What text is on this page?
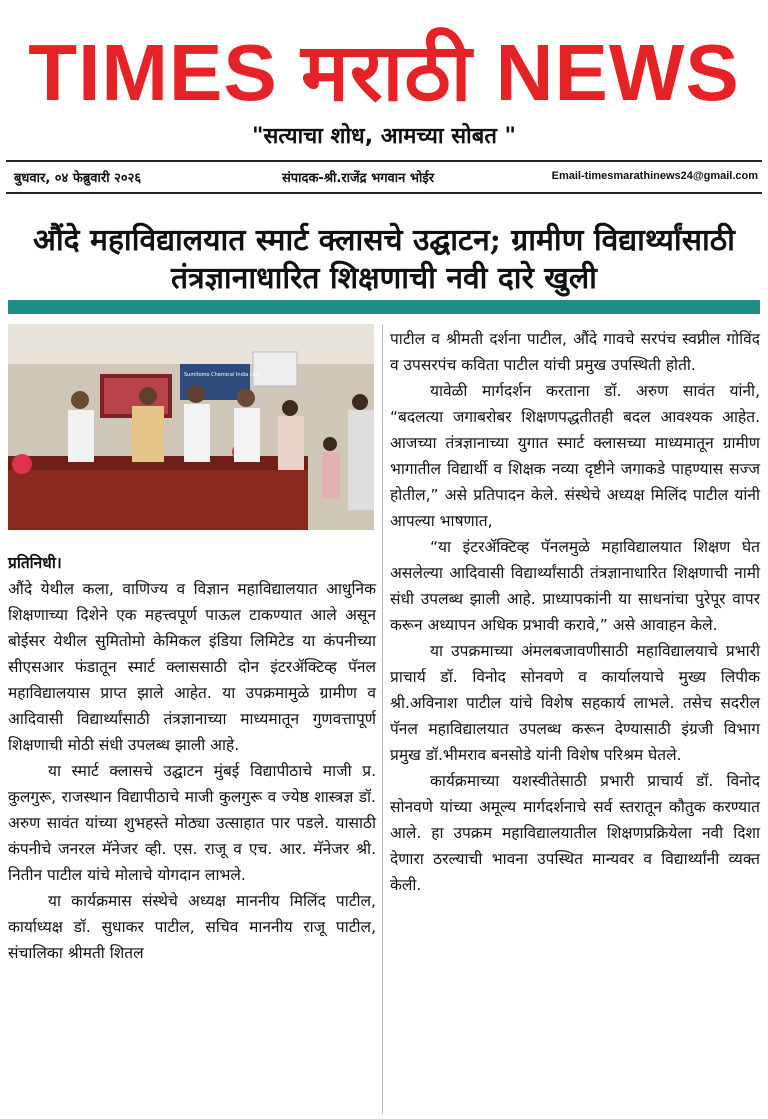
TIMES मराठी NEWS
"सत्याचा शोध, आमच्या सोबत "
बुधवार, ०४ फेब्रुवारी २०२६	संपादक-श्री.राजेंद्र भगवान भोईर	Email-timesmarathinews24@gmail.com
औंदे महाविद्यालयात स्मार्ट क्लासचे उद्घाटन; ग्रामीण विद्यार्थ्यांसाठी तंत्रज्ञानाधारित शिक्षणाची नवी दारे खुली
Sumitomo Chemical India Ltd.

प्रतिनिधी।

औंदे येथील कला, वाणिज्य व विज्ञान महाविद्यालयात आधुनिक शिक्षणाच्या दिशेने एक महत्त्वपूर्ण पाऊल टाकण्यात आले असून बोईसर येथील सुमितोमो केमिकल इंडिया लिमिटेड या कंपनीच्या सीएसआर फंडातून स्मार्ट क्लाससाठी दोन इंटरॲक्टिव्ह पॅनल महाविद्यालयास प्राप्त झाले आहेत. या उपक्रमामुळे ग्रामीण व आदिवासी विद्यार्थ्यांसाठी तंत्रज्ञानाच्या माध्यमातून गुणवत्तापूर्ण शिक्षणाची मोठी संधी उपलब्ध झाली आहे.

या स्मार्ट क्लासचे उद्घाटन मुंबई विद्यापीठाचे माजी प्र. कुलगुरू, राजस्थान विद्यापीठाचे माजी कुलगुरू व ज्येष्ठ शास्त्रज्ञ डॉ. अरुण सावंत यांच्या शुभहस्ते मोठ्या उत्साहात पार पडले. यासाठी कंपनीचे जनरल मॅनेजर व्ही. एस. राजू व एच. आर. मॅनेजर श्री. नितीन पाटील यांचे मोलाचे योगदान लाभले.

या कार्यक्रमास संस्थेचे अध्यक्ष माननीय मिलिंद पाटील, कार्याध्यक्ष डॉ. सुधाकर पाटील, सचिव माननीय राजू पाटील, संचालिका श्रीमती शितल

पाटील व श्रीमती दर्शना पाटील, औंदे गावचे सरपंच स्वप्नील गोविंद व उपसरपंच कविता पाटील यांची प्रमुख उपस्थिती होती.

यावेळी मार्गदर्शन करताना डॉ. अरुण सावंत यांनी, “बदलत्या जगाबरोबर शिक्षणपद्धतीतही बदल आवश्यक आहेत. आजच्या तंत्रज्ञानाच्या युगात स्मार्ट क्लासच्या माध्यमातून ग्रामीण भागातील विद्यार्थी व शिक्षक नव्या दृष्टीने जगाकडे पाहण्यास सज्ज होतील,” असे प्रतिपादन केले. संस्थेचे अध्यक्ष मिलिंद पाटील यांनी आपल्या भाषणात,

“या इंटरॲक्टिव्ह पॅनलमुळे महाविद्यालयात शिक्षण घेत असलेल्या आदिवासी विद्यार्थ्यांसाठी तंत्रज्ञानाधारित शिक्षणाची नामी संधी उपलब्ध झाली आहे. प्राध्यापकांनी या साधनांचा पुरेपूर वापर करून अध्यापन अधिक प्रभावी करावे,” असे आवाहन केले.

या उपक्रमाच्या अंमलबजावणीसाठी महाविद्यालयाचे प्रभारी प्राचार्य डॉ. विनोद सोनवणे व कार्यालयाचे मुख्य लिपीक श्री.अविनाश पाटील यांचे विशेष सहकार्य लाभले. तसेच सदरील पॅनल महाविद्यालयात उपलब्ध करून देण्यासाठी इंग्रजी विभाग प्रमुख डॉ.भीमराव बनसोडे यांनी विशेष परिश्रम घेतले.

कार्यक्रमाच्या यशस्वीतेसाठी प्रभारी प्राचार्य डॉ. विनोद सोनवणे यांच्या अमूल्य मार्गदर्शनाचे सर्व स्तरातून कौतुक करण्यात आले. हा उपक्रम महाविद्यालयातील शिक्षणप्रक्रियेला नवी दिशा देणारा ठरल्याची भावना उपस्थित मान्यवर व विद्यार्थ्यांनी व्यक्त केली.
